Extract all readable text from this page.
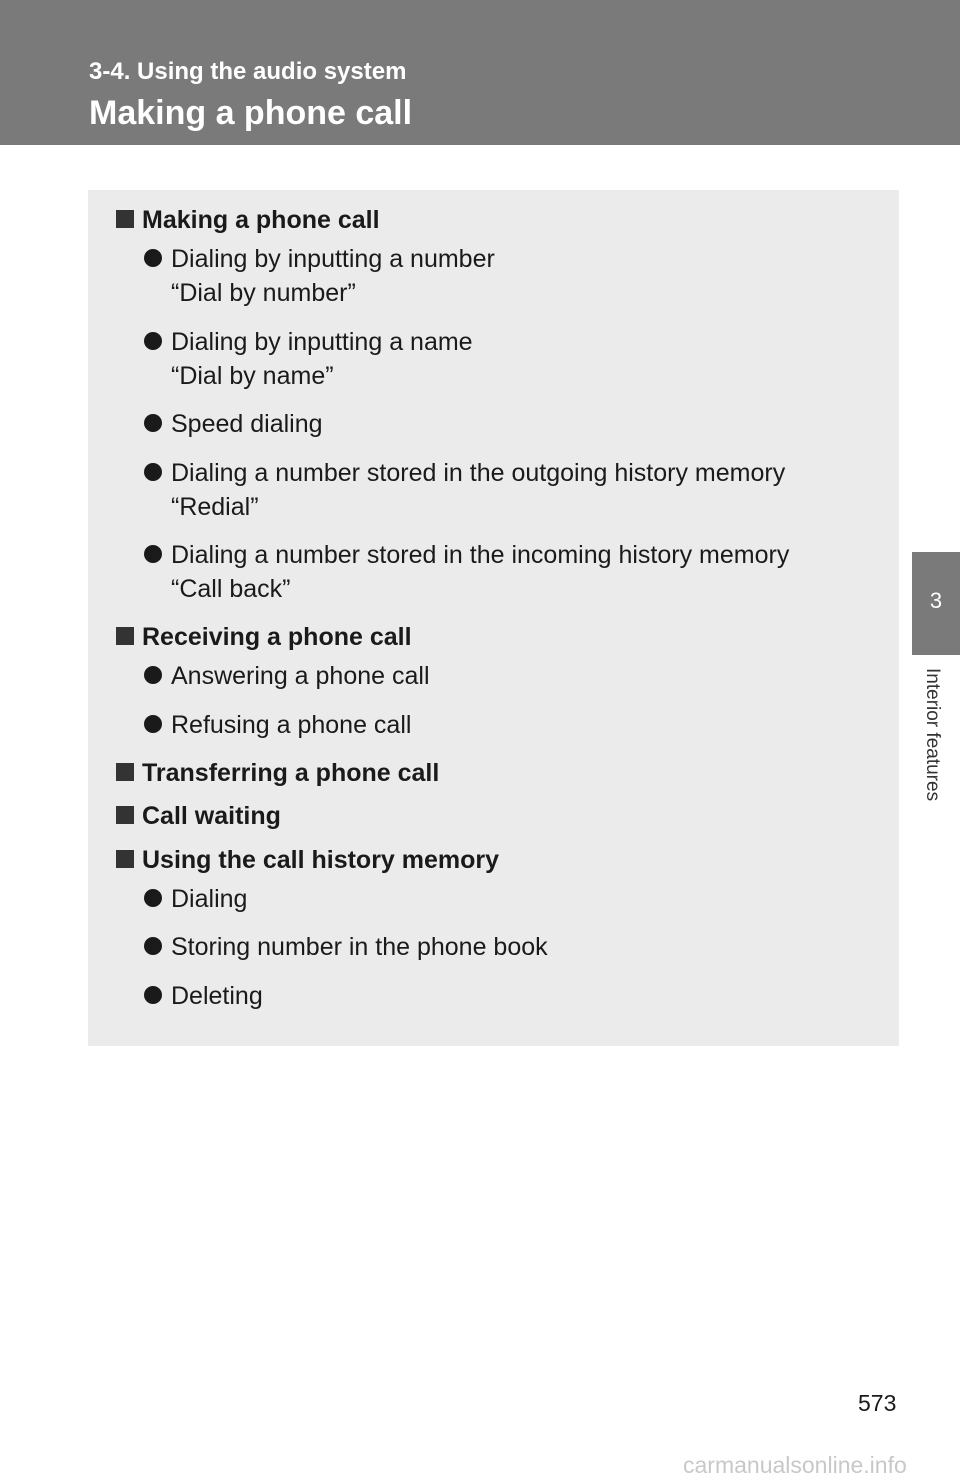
3-4. Using the audio system
Making a phone call
Making a phone call
Dialing by inputting a number
“Dial by number”
Dialing by inputting a name
“Dial by name”
Speed dialing
Dialing a number stored in the outgoing history memory
“Redial”
Dialing a number stored in the incoming history memory
“Call back”
Receiving a phone call
Answering a phone call
Refusing a phone call
Transferring a phone call
Call waiting
Using the call history memory
Dialing
Storing number in the phone book
Deleting
3
Interior features
573
carmanualsonline.info
